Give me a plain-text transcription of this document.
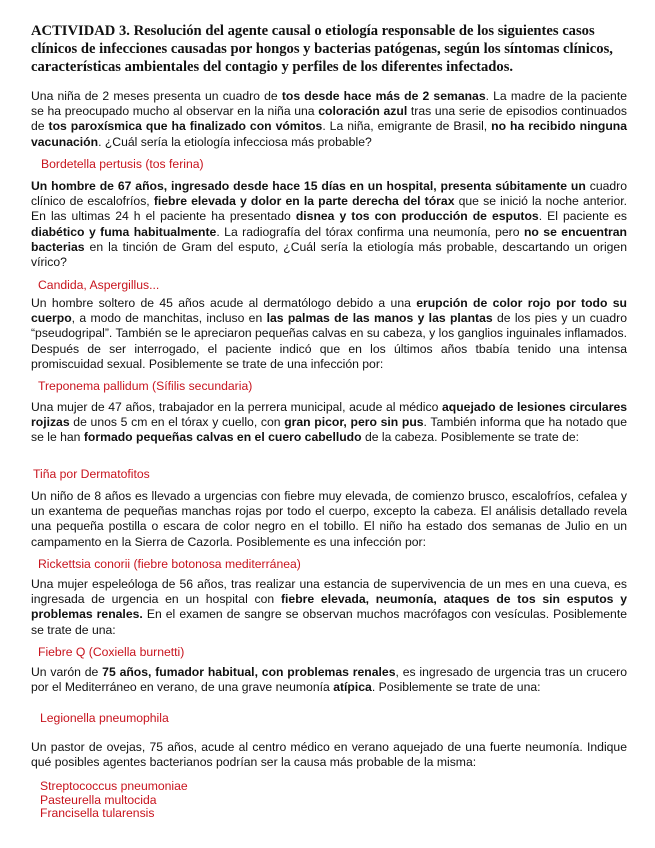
ACTIVIDAD 3. Resolución del agente causal o etiología responsable de los siguientes casos clínicos de infecciones causadas por hongos y bacterias patógenas, según los síntomas clínicos, características ambientales del contagio y perfiles de los diferentes infectados.

Una niña de 2 meses presenta un cuadro de tos desde hace más de 2 semanas. La madre de la paciente se ha preocupado mucho al observar en la niña una coloración azul tras una serie de episodios continuados de tos paroxísmica que ha finalizado con vómitos. La niña, emigrante de Brasil, no ha recibido ninguna vacunación. ¿Cuál sería la etiología infecciosa más probable?

Bordetella pertusis (tos ferina)

Un hombre de 67 años, ingresado desde hace 15 días en un hospital, presenta súbitamente un cuadro clínico de escalofríos, fiebre elevada y dolor en la parte derecha del tórax que se inició la noche anterior. En las ultimas 24 h el paciente ha presentado disnea y tos con producción de esputos. El paciente es diabético y fuma habitualmente. La radiografía del tórax confirma una neumonía, pero no se encuentran bacterias en la tinción de Gram del esputo, ¿Cuál sería la etiología más probable, descartando un origen vírico?

Candida, Aspergillus...

Un hombre soltero de 45 años acude al dermatólogo debido a una erupción de color rojo por todo su cuerpo, a modo de manchitas, incluso en las palmas de las manos y las plantas de los pies y un cuadro “pseudogripal”. También se le apreciaron pequeñas calvas en su cabeza, y los ganglios inguinales inflamados. Después de ser interrogado, el paciente indicó que en los últimos años tbabía tenido una intensa promiscuidad sexual. Posiblemente se trate de una infección por:

Treponema pallidum (Sífilis secundaria)

Una mujer de 47 años, trabajador en la perrera municipal, acude al médico aquejado de lesiones circulares rojizas de unos 5 cm en el tórax y cuello, con gran picor, pero sin pus. También informa que ha notado que se le han formado pequeñas calvas en el cuero cabelludo de la cabeza. Posiblemente se trate de:

Tiña por Dermatofitos

Un niño de 8 años es llevado a urgencias con fiebre muy elevada, de comienzo brusco, escalofríos, cefalea y un exantema de pequeñas manchas rojas por todo el cuerpo, excepto la cabeza. El análisis detallado revela una pequeña postilla o escara de color negro en el tobillo. El niño ha estado dos semanas de Julio en un campamento en la Sierra de Cazorla. Posiblemente es una infección por:

Rickettsia conorii (fiebre botonosa mediterránea)

Una mujer espeleóloga de 56 años, tras realizar una estancia de supervivencia de un mes en una cueva, es ingresada de urgencia en un hospital con fiebre elevada, neumonía, ataques de tos sin esputos y problemas renales. En el examen de sangre se observan muchos macrófagos con vesículas. Posiblemente se trate de una:

Fiebre Q (Coxiella burnetti)

Un varón de 75 años, fumador habitual, con problemas renales, es ingresado de urgencia tras un crucero por el Mediterráneo en verano, de una grave neumonía atípica. Posiblemente se trate de una:

Legionella pneumophila

Un pastor de ovejas, 75 años, acude al centro médico en verano aquejado de una fuerte neumonía. Indique qué posibles agentes bacterianos podrían ser la causa más probable de la misma:

Streptococcus pneumoniae
Pasteurella multocida
Francisella tularensis
